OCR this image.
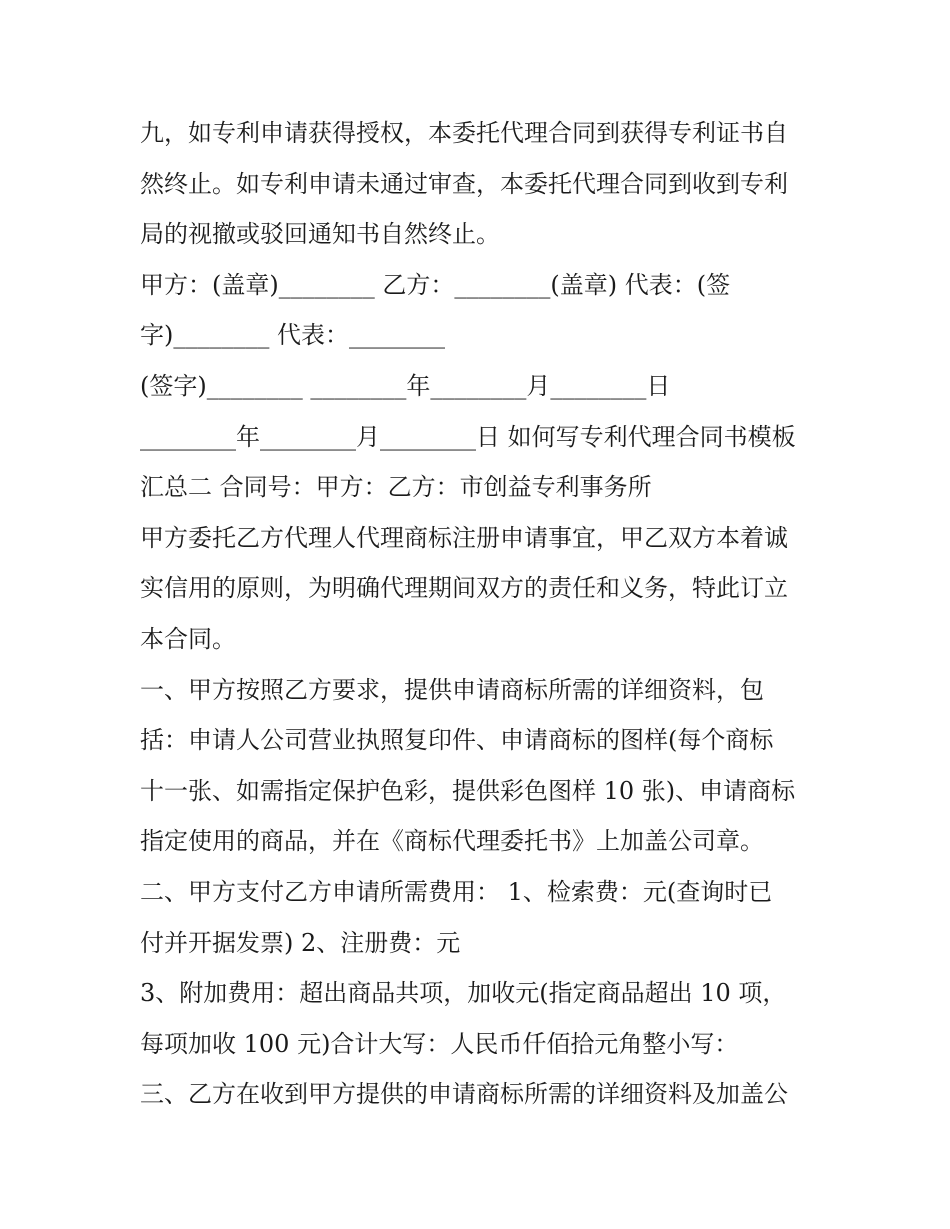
九，如专利申请获得授权，本委托代理合同到获得专利证书自
然终止。如专利申请未通过审查，本委托代理合同到收到专利
局的视撤或驳回通知书自然终止。
甲方：(盖章)________ 乙方：________(盖章) 代表：(签
字)________ 代表：________
(签字)________ ________年________月________日
________年________月________日 如何写专利代理合同书模板
汇总二 合同号：甲方：乙方：市创益专利事务所
甲方委托乙方代理人代理商标注册申请事宜，甲乙双方本着诚
实信用的原则，为明确代理期间双方的责任和义务，特此订立
本合同。
一、甲方按照乙方要求，提供申请商标所需的详细资料，包
括：申请人公司营业执照复印件、申请商标的图样(每个商标
十一张、如需指定保护色彩，提供彩色图样 10 张)、申请商标
指定使用的商品，并在《商标代理委托书》上加盖公司章。
二、甲方支付乙方申请所需费用： 1、检索费：元(查询时已
付并开据发票) 2、注册费：元
3、附加费用：超出商品共项，加收元(指定商品超出 10 项，
每项加收 100 元)合计大写：人民币仟佰拾元角整小写：
三、乙方在收到甲方提供的申请商标所需的详细资料及加盖公
